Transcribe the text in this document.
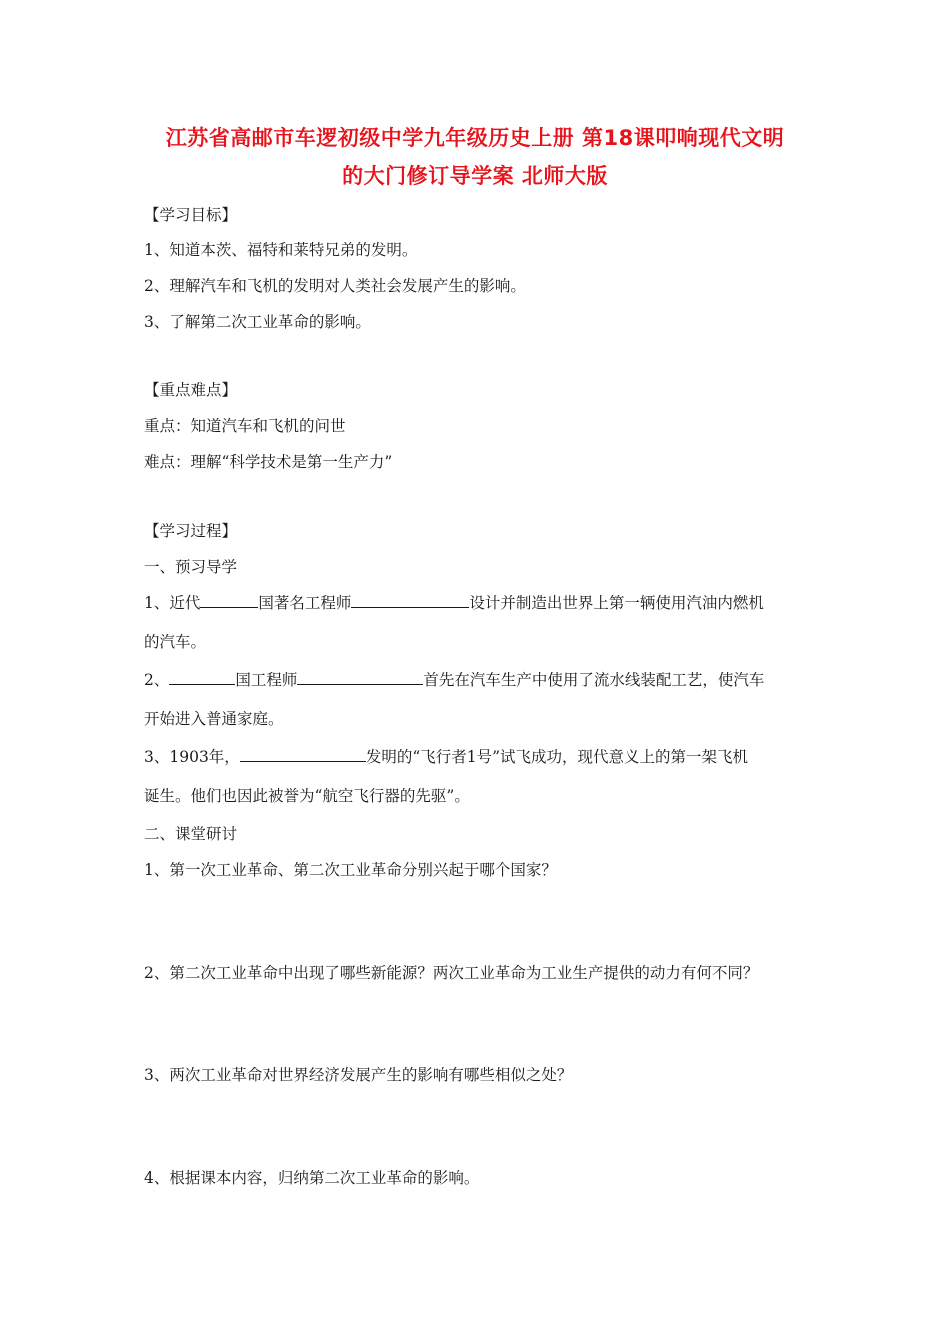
江苏省高邮市车逻初级中学九年级历史上册 第18课叩响现代文明
的大门修订导学案 北师大版
【学习目标】
1、知道本茨、福特和莱特兄弟的发明。
2、理解汽车和飞机的发明对人类社会发展产生的影响。
3、了解第二次工业革命的影响。
【重点难点】
重点：知道汽车和飞机的问世
难点：理解“科学技术是第一生产力”
【学习过程】
一、预习导学
1、近代	国著名工程师	设计并制造出世界上第一辆使用汽油内燃机
的汽车。
2、	国工程师	首先在汽车生产中使用了流水线装配工艺，使汽车
开始进入普通家庭。
3、1903年，	发明的“飞行者1号”试飞成功，现代意义上的第一架飞机
诞生。他们也因此被誉为“航空飞行器的先驱”。
二、课堂研讨
1、第一次工业革命、第二次工业革命分别兴起于哪个国家？
2、第二次工业革命中出现了哪些新能源？两次工业革命为工业生产提供的动力有何不同？
3、两次工业革命对世界经济发展产生的影响有哪些相似之处？
4、根据课本内容，归纳第二次工业革命的影响。
